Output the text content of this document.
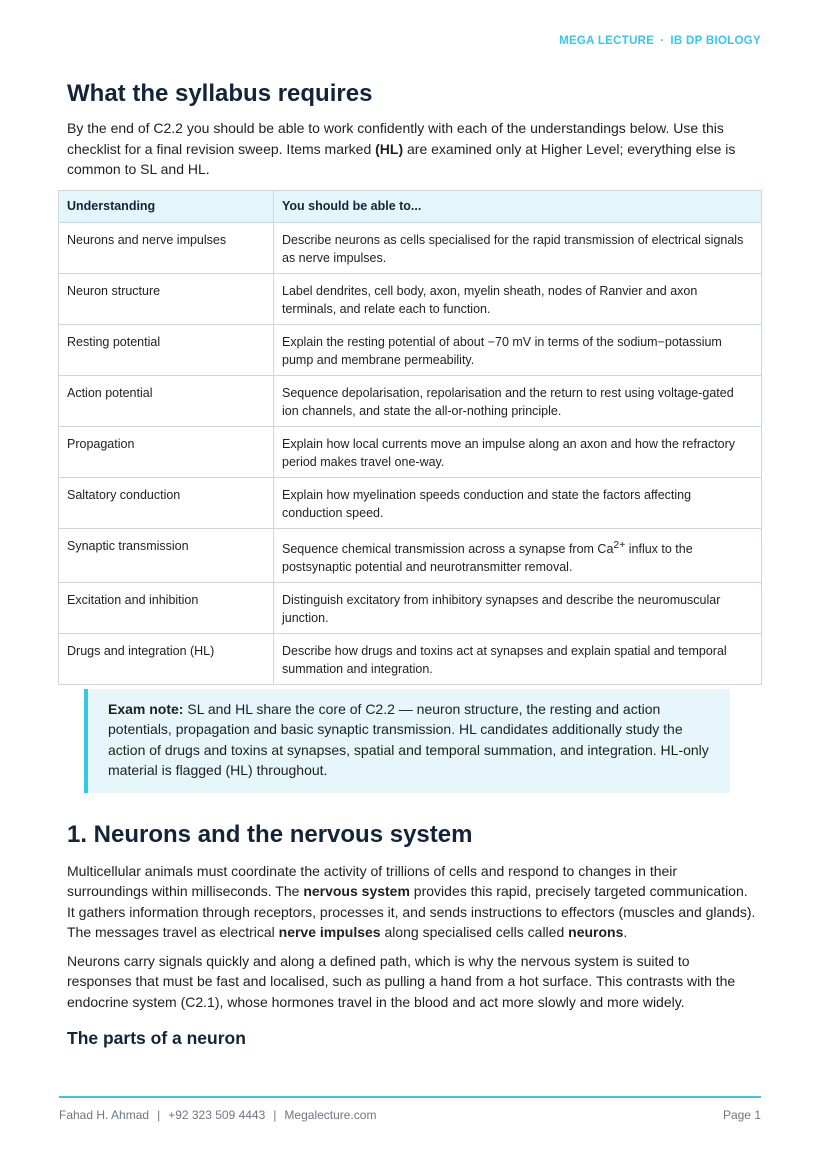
MEGA LECTURE · IB DP BIOLOGY
What the syllabus requires

By the end of C2.2 you should be able to work confidently with each of the understandings below. Use this checklist for a final revision sweep. Items marked (HL) are examined only at Higher Level; everything else is common to SL and HL.

Understanding	You should be able to...
Neurons and nerve impulses	Describe neurons as cells specialised for the rapid transmission of electrical signals as nerve impulses.
Neuron structure	Label dendrites, cell body, axon, myelin sheath, nodes of Ranvier and axon terminals, and relate each to function.
Resting potential	Explain the resting potential of about −70 mV in terms of the sodium−potassium pump and membrane permeability.
Action potential	Sequence depolarisation, repolarisation and the return to rest using voltage-gated ion channels, and state the all-or-nothing principle.
Propagation	Explain how local currents move an impulse along an axon and how the refractory period makes travel one-way.
Saltatory conduction	Explain how myelination speeds conduction and state the factors affecting conduction speed.
Synaptic transmission	Sequence chemical transmission across a synapse from $Ca^{2+}$ influx to the postsynaptic potential and neurotransmitter removal.
Excitation and inhibition	Distinguish excitatory from inhibitory synapses and describe the neuromuscular junction.
Drugs and integration (HL)	Describe how drugs and toxins act at synapses and explain spatial and temporal summation and integration.
Exam note: SL and HL share the core of C2.2 — neuron structure, the resting and action potentials, propagation and basic synaptic transmission. HL candidates additionally study the action of drugs and toxins at synapses, spatial and temporal summation, and integration. HL-only material is flagged (HL) throughout.
1. Neurons and the nervous system

Multicellular animals must coordinate the activity of trillions of cells and respond to changes in their surroundings within milliseconds. The nervous system provides this rapid, precisely targeted communication. It gathers information through receptors, processes it, and sends instructions to effectors (muscles and glands). The messages travel as electrical nerve impulses along specialised cells called neurons.

Neurons carry signals quickly and along a defined path, which is why the nervous system is suited to responses that must be fast and localised, such as pulling a hand from a hot surface. This contrasts with the endocrine system (C2.1), whose hormones travel in the blood and act more slowly and more widely.

The parts of a neuron
Fahad H. Ahmad | +92 323 509 4443 | Megalecture.com	Page 1
